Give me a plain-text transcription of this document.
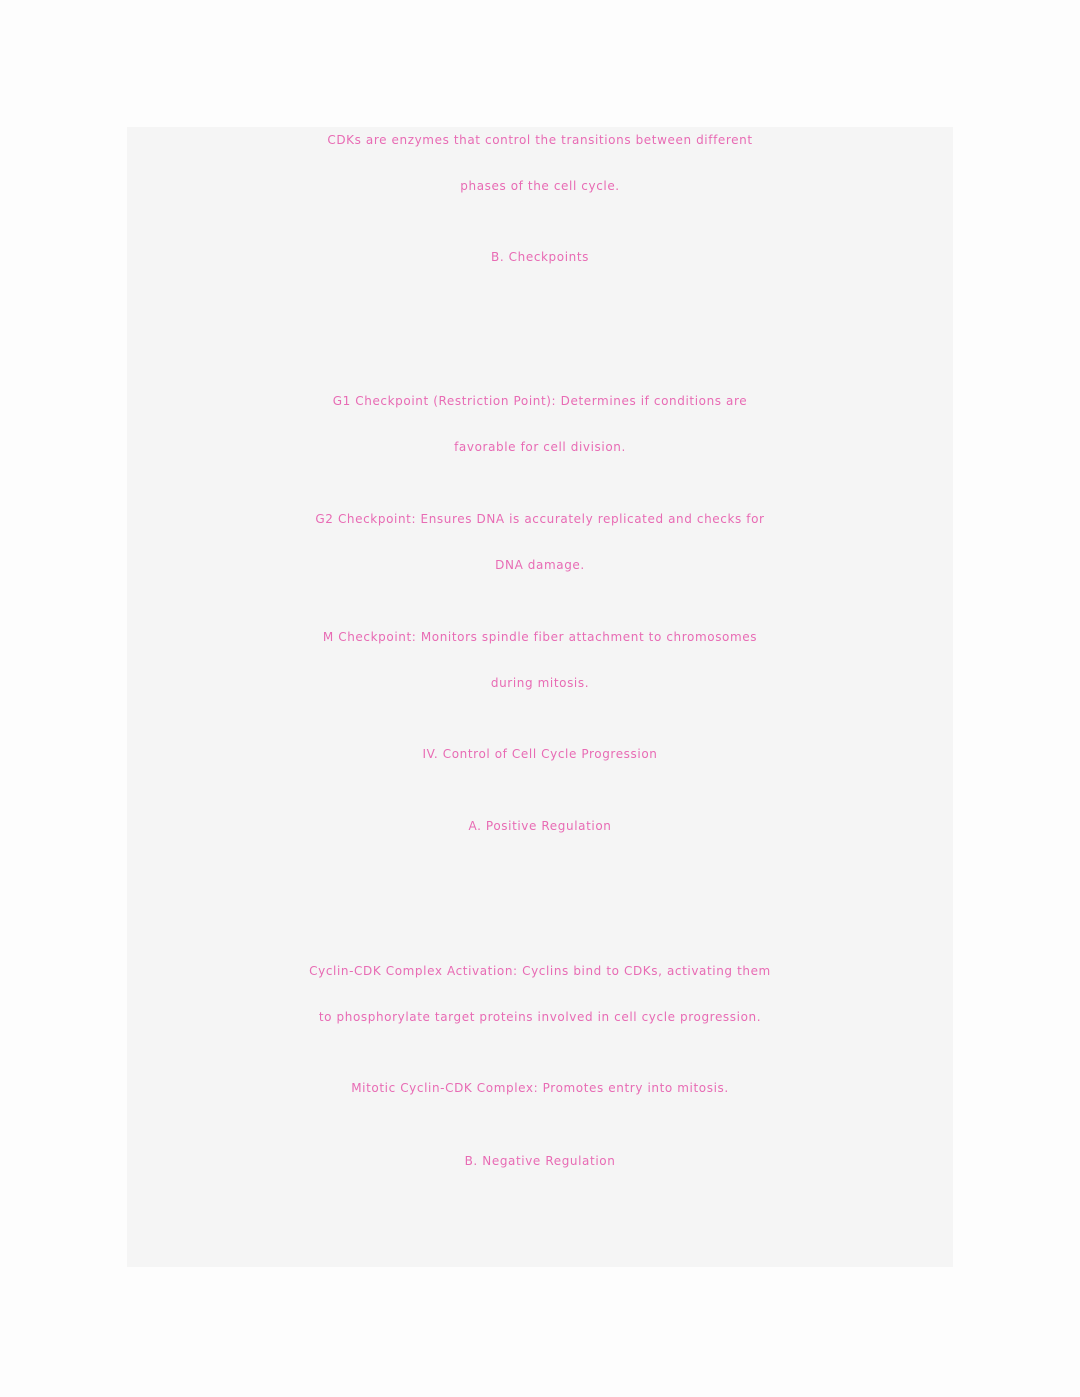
CDKs are enzymes that control the transitions between different
phases of the cell cycle.
B. Checkpoints
G1 Checkpoint (Restriction Point): Determines if conditions are
favorable for cell division.
G2 Checkpoint: Ensures DNA is accurately replicated and checks for
DNA damage.
M Checkpoint: Monitors spindle fiber attachment to chromosomes
during mitosis.
IV. Control of Cell Cycle Progression
A. Positive Regulation
Cyclin-CDK Complex Activation: Cyclins bind to CDKs, activating them
to phosphorylate target proteins involved in cell cycle progression.
Mitotic Cyclin-CDK Complex: Promotes entry into mitosis.
B. Negative Regulation
